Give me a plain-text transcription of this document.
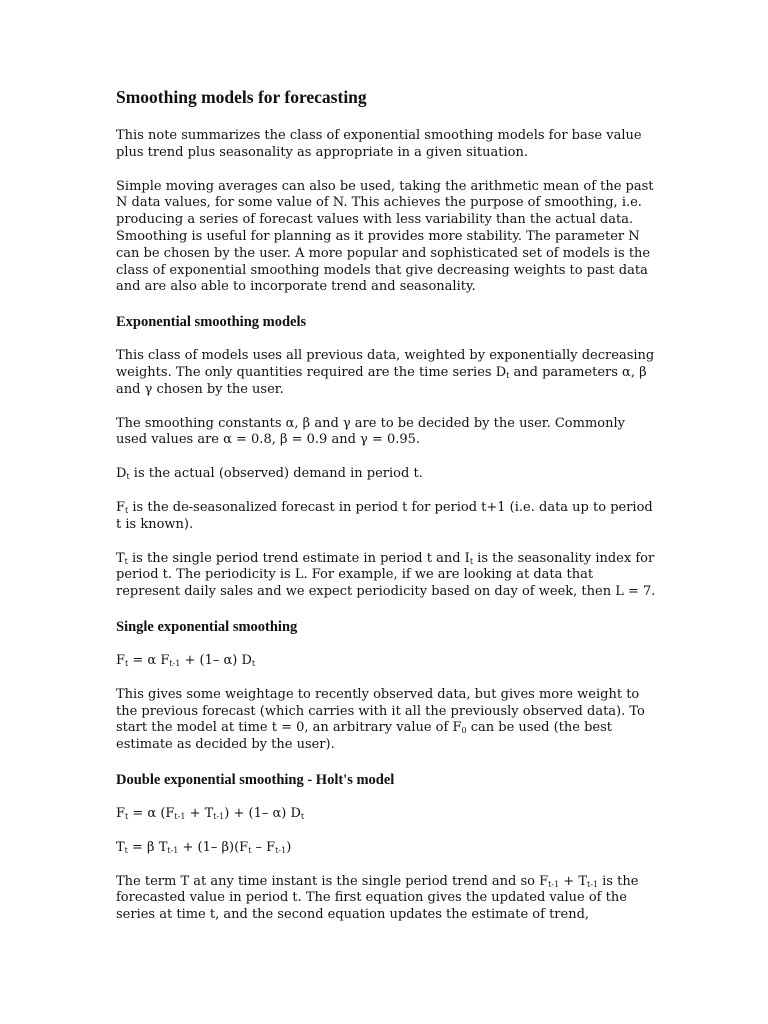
Smoothing models for forecasting

This note summarizes the class of exponential smoothing models for base value plus trend plus seasonality as appropriate in a given situation.

Simple moving averages can also be used, taking the arithmetic mean of the past N data values, for some value of N. This achieves the purpose of smoothing, i.e. producing a series of forecast values with less variability than the actual data. Smoothing is useful for planning as it provides more stability. The parameter N can be chosen by the user. A more popular and sophisticated set of models is the class of exponential smoothing models that give decreasing weights to past data and are also able to incorporate trend and seasonality.

Exponential smoothing models

This class of models uses all previous data, weighted by exponentially decreasing weights. The only quantities required are the time series $D_t$ and parameters α, β and γ chosen by the user.

The smoothing constants α, β and γ are to be decided by the user. Commonly used values are α = 0.8, β = 0.9 and γ = 0.95.

$D_t$ is the actual (observed) demand in period t.

$F_t$ is the de-seasonalized forecast in period t for period t+1 (i.e. data up to period t is known).

$T_t$ is the single period trend estimate in period t and $I_t$ is the seasonality index for period t. The periodicity is L. For example, if we are looking at data that represent daily sales and we expect periodicity based on day of week, then L = 7.

Single exponential smoothing
$F_t = \alpha$ $F_{t-1} + (1-$ α) $D_t$

This gives some weightage to recently observed data, but gives more weight to the previous forecast (which carries with it all the previously observed data). To start the model at time t = 0, an arbitrary value of $F_0$ can be used (the best estimate as decided by the user).

Double exponential smoothing - Holt's model
$F_t = \alpha$ $(F_{t-1} + T_{t-1}) + (1-$ α) $D_t$
$T_t = \beta$ $T_{t-1} + (1-$ $\beta)(F_t - F_{t-1})$

The term T at any time instant is the single period trend and so $F_{t-1} + T_{t-1}$ is the forecasted value in period t. The first equation gives the updated value of the series at time t, and the second equation updates the estimate of trend,
